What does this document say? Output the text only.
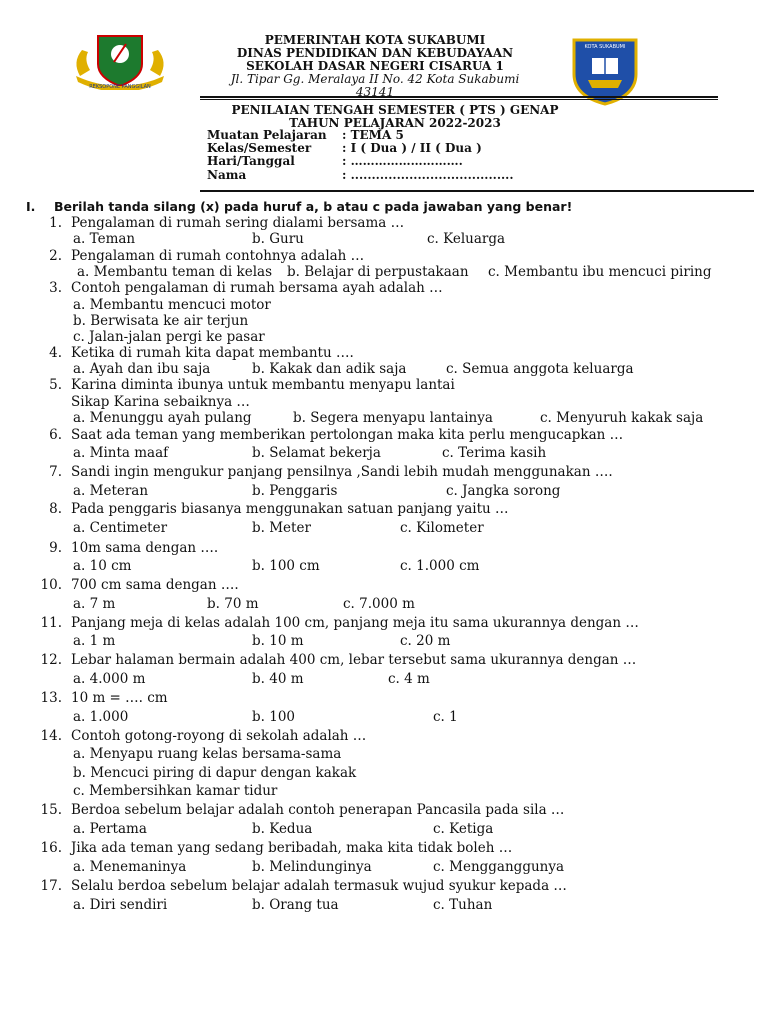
REKSOPONE PANGGILAN
PEMERINTAH KOTA SUKABUMI
DINAS PENDIDIKAN DAN KEBUDAYAAN
SEKOLAH DASAR NEGERI CISARUA 1
Jl. Tipar Gg. Meralaya II No. 42 Kota Sukabumi 43141
KOTA SUKABUMI
PENILAIAN TENGAH SEMESTER ( PTS ) GENAP
TAHUN PELAJARAN 2022-2023
Muatan Pelajaran	: TEMA 5
Kelas/Semester	: I ( Dua ) / II ( Dua )
Hari/Tanggal	: ……………………….
Nama	: .......................................
I. Berilah tanda silang (x) pada huruf a, b atau c pada jawaban yang benar!
1. Pengalaman di rumah sering dialami bersama …
a. Teman	b. Guru	c. Keluarga
2. Pengalaman di rumah contohnya adalah …
a. Membantu teman di kelas b. Belajar di perpustakaan c. Membantu ibu mencuci piring
3. Contoh pengalaman di rumah bersama ayah adalah …
a. Membantu mencuci motor
b. Berwisata ke air terjun
c. Jalan-jalan pergi ke pasar
4. Ketika di rumah kita dapat membantu ….
a. Ayah dan ibu saja	b. Kakak dan adik saja	c. Semua anggota keluarga
5. Karina diminta ibunya untuk membantu menyapu lantai
Sikap Karina sebaiknya …
a. Menunggu ayah pulang	b. Segera menyapu lantainya	c. Menyuruh kakak saja
6. Saat ada teman yang memberikan pertolongan maka kita perlu mengucapkan …
a. Minta maaf	b. Selamat bekerja	c. Terima kasih
7. Sandi ingin mengukur panjang pensilnya ,Sandi lebih mudah menggunakan ….
a. Meteran	b. Penggaris	c. Jangka sorong
8. Pada penggaris biasanya menggunakan satuan panjang yaitu …
a. Centimeter	b. Meter	c. Kilometer
9. 10m sama dengan ….
a. 10 cm	b. 100 cm	c. 1.000 cm
10. 700 cm sama dengan ….
a. 7 m	b. 70 m	c. 7.000 m
11. Panjang meja di kelas adalah 100 cm, panjang meja itu sama ukurannya dengan …
a. 1 m	b. 10 m	c. 20 m
12. Lebar halaman bermain adalah 400 cm, lebar tersebut sama ukurannya dengan …
a. 4.000 m	b. 40 m	c. 4 m
13. 10 m = …. cm
a. 1.000	b. 100	c. 1
14. Contoh gotong-royong di sekolah adalah …
a. Menyapu ruang kelas bersama-sama
b. Mencuci piring di dapur dengan kakak
c. Membersihkan kamar tidur
15. Berdoa sebelum belajar adalah contoh penerapan Pancasila pada sila …
a. Pertama	b. Kedua	c. Ketiga
16. Jika ada teman yang sedang beribadah, maka kita tidak boleh …
a. Menemaninya	b. Melindunginya	c. Mengganggunya
17. Selalu berdoa sebelum belajar adalah termasuk wujud syukur kepada …
a. Diri sendiri	b. Orang tua	c. Tuhan
